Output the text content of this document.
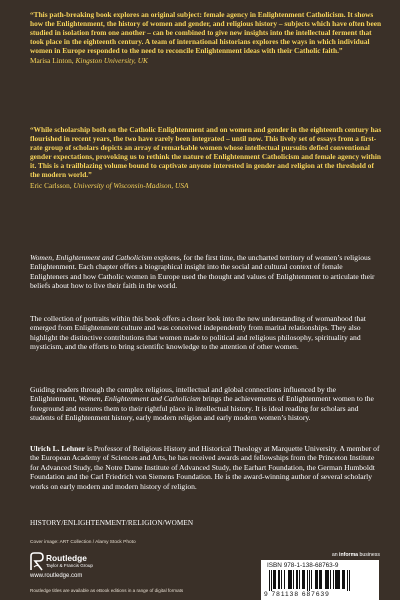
“This path-breaking book explores an original subject: female agency in Enlightenment Catholicism. It shows how the Enlightenment, the history of women and gender, and religious history – subjects which have often been studied in isolation from one another – can be combined to give new insights into the intellectual ferment that took place in the eighteenth century. A team of international historians explores the ways in which individual women in Europe responded to the need to reconcile Enlightenment ideas with their Catholic faith.”

Marisa Linton, Kingston University, UK

“While scholarship both on the Catholic Enlightenment and on women and gender in the eighteenth century has flourished in recent years, the two have rarely been integrated – until now. This lively set of essays from a first-rate group of scholars depicts an array of remarkable women whose intellectual pursuits defied conventional gender expectations, provoking us to rethink the nature of Enlightenment Catholicism and female agency within it. This is a trailblazing volume bound to captivate anyone interested in gender and religion at the threshold of the modern world.”

Eric Carlsson, University of Wisconsin-Madison, USA

Women, Enlightenment and Catholicism explores, for the first time, the uncharted territory of women’s religious Enlightenment. Each chapter offers a biographical insight into the social and cultural context of female Enlighteners and how Catholic women in Europe used the thought and values of Enlightenment to articulate their beliefs about how to live their faith in the world.

The collection of portraits within this book offers a closer look into the new understanding of womanhood that emerged from Enlightenment culture and was conceived independently from marital relationships. They also highlight the distinctive contributions that women made to political and religious philosophy, spirituality and mysticism, and the efforts to bring scientific knowledge to the attention of other women.

Guiding readers through the complex religious, intellectual and global connections influenced by the Enlightenment, Women, Enlightenment and Catholicism brings the achievements of Enlightenment women to the foreground and restores them to their rightful place in intellectual history. It is ideal reading for scholars and students of Enlightenment history, early modern religion and early modern women’s history.

Ulrich L. Lehner is Professor of Religious History and Historical Theology at Marquette University. A member of the European Academy of Sciences and Arts, he has received awards and fellowships from the Princeton Institute for Advanced Study, the Notre Dame Institute of Advanced Study, the Earhart Foundation, the German Humboldt Foundation and the Carl Friedrich von Siemens Foundation. He is the award-winning author of several scholarly works on early modern and modern history of religion.

HISTORY/ENLIGHTENMENT/RELIGION/WOMEN
Cover image: ART Collection / Alamy Stock Photo
Routledge
Taylor & Francis Group
www.routledge.com
Routledge titles are available as eBook editions in a range of digital formats
an informa business
ISBN 978-1-138-68763-9
9 781138 687639
